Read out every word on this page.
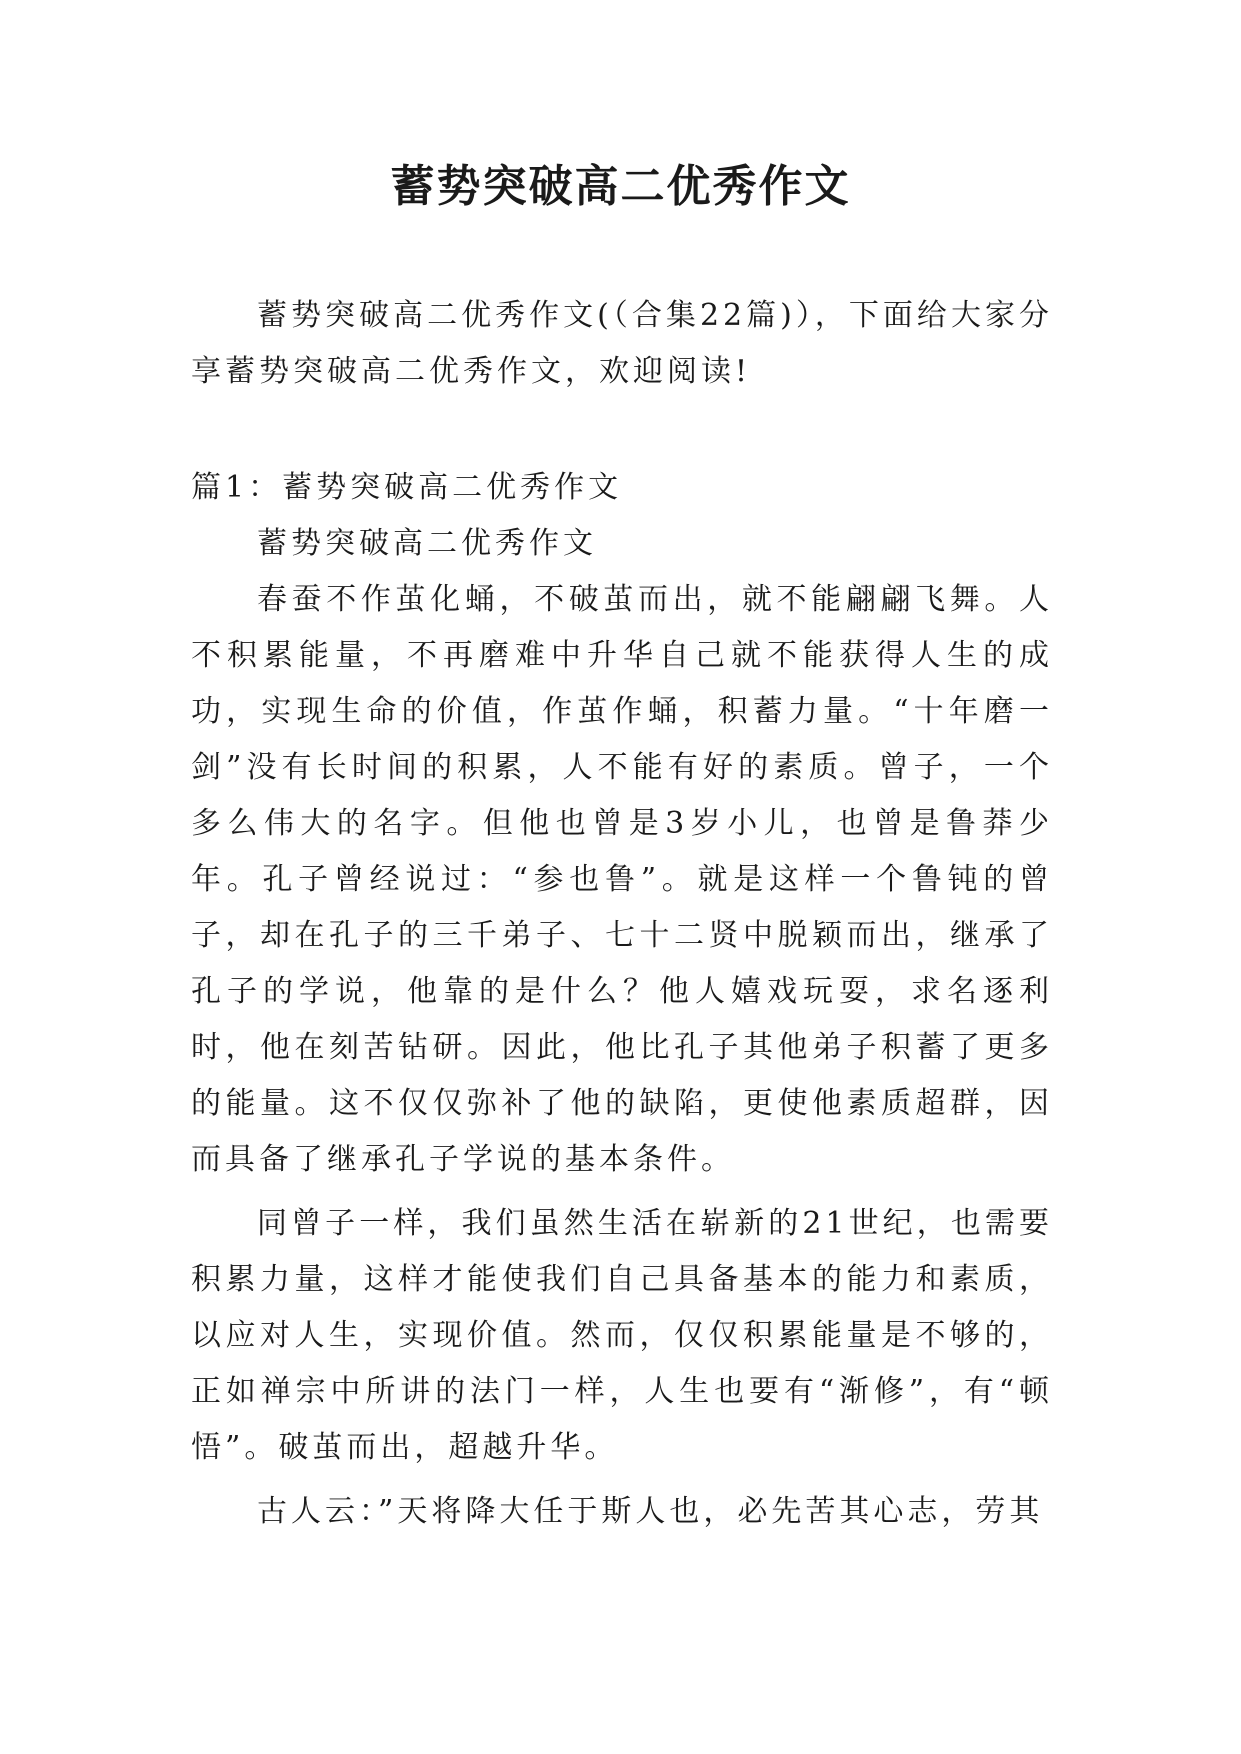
蓄势突破高二优秀作文

蓄势突破高二优秀作文(（合集22篇)），下面给大家分享蓄势突破高二优秀作文，欢迎阅读!

篇1：蓄势突破高二优秀作文

蓄势突破高二优秀作文

春蚕不作茧化蛹，不破茧而出，就不能翩翩飞舞。人不积累能量，不再磨难中升华自己就不能获得人生的成功，实现生命的价值，作茧作蛹，积蓄力量。“十年磨一剑”没有长时间的积累，人不能有好的素质。曾子，一个多么伟大的名字。但他也曾是3岁小儿，也曾是鲁莽少年。孔子曾经说过：“参也鲁”。就是这样一个鲁钝的曾子，却在孔子的三千弟子、七十二贤中脱颖而出，继承了孔子的学说，他靠的是什么？他人嬉戏玩耍，求名逐利时，他在刻苦钻研。因此，他比孔子其他弟子积蓄了更多的能量。这不仅仅弥补了他的缺陷，更使他素质超群，因而具备了继承孔子学说的基本条件。

同曾子一样，我们虽然生活在崭新的21世纪，也需要积累力量，这样才能使我们自己具备基本的能力和素质，以应对人生，实现价值。然而，仅仅积累能量是不够的，正如禅宗中所讲的法门一样，人生也要有“渐修”，有“顿悟”。破茧而出，超越升华。

古人云：”天将降大任于斯人也，必先苦其心志，劳其
